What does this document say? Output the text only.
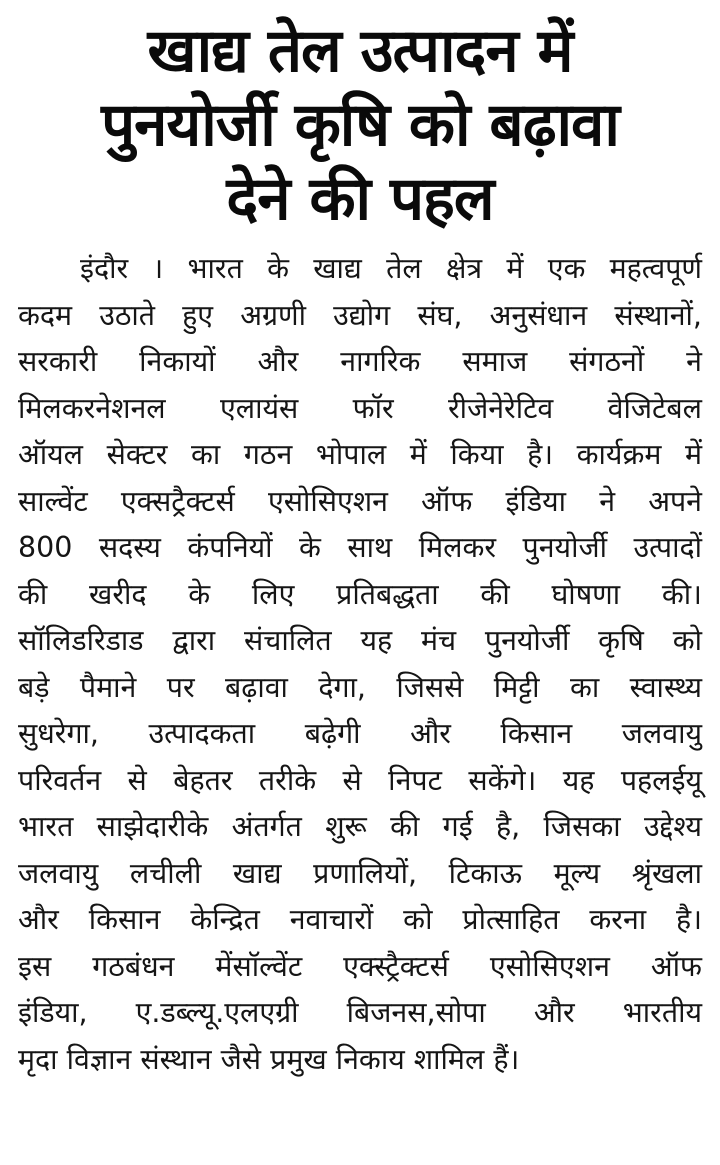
खाद्य तेल उत्पादन में
पुनयोर्जी कृषि को बढ़ावा
देने की पहल
इंदौर । भारत के खाद्य तेल क्षेत्र में एक महत्वपूर्ण
कदम उठाते हुए अग्रणी उद्योग संघ, अनुसंधान संस्थानों,
सरकारी निकायों और नागरिक समाज संगठनों ने
मिलकरनेशनल एलायंस फॉर रीजेनेरेटिव वेजिटेबल
ऑयल सेक्टर का गठन भोपाल में किया है। कार्यक्रम में
साल्वेंट एक्सट्रैक्टर्स एसोसिएशन ऑफ इंडिया ने अपने
800 सदस्य कंपनियों के साथ मिलकर पुनयोर्जी उत्पादों
की खरीद के लिए प्रतिबद्धता की घोषणा की।
सॉलिडरिडाड द्वारा संचालित यह मंच पुनयोर्जी कृषि को
बड़े पैमाने पर बढ़ावा देगा, जिससे मिट्टी का स्वास्थ्य
सुधरेगा, उत्पादकता बढ़ेगी और किसान जलवायु
परिवर्तन से बेहतर तरीके से निपट सकेंगे। यह पहलईयू
भारत साझेदारीके अंतर्गत शुरू की गई है, जिसका उद्देश्य
जलवायु लचीली खाद्य प्रणालियों, टिकाऊ मूल्य श्रृंखला
और किसान केन्द्रित नवाचारों को प्रोत्साहित करना है।
इस गठबंधन मेंसॉल्वेंट एक्स्ट्रैक्टर्स एसोसिएशन ऑफ
इंडिया, ए.डब्ल्यू.एलएग्री बिजनस,सोपा और भारतीय
मृदा विज्ञान संस्थान जैसे प्रमुख निकाय शामिल हैं।
